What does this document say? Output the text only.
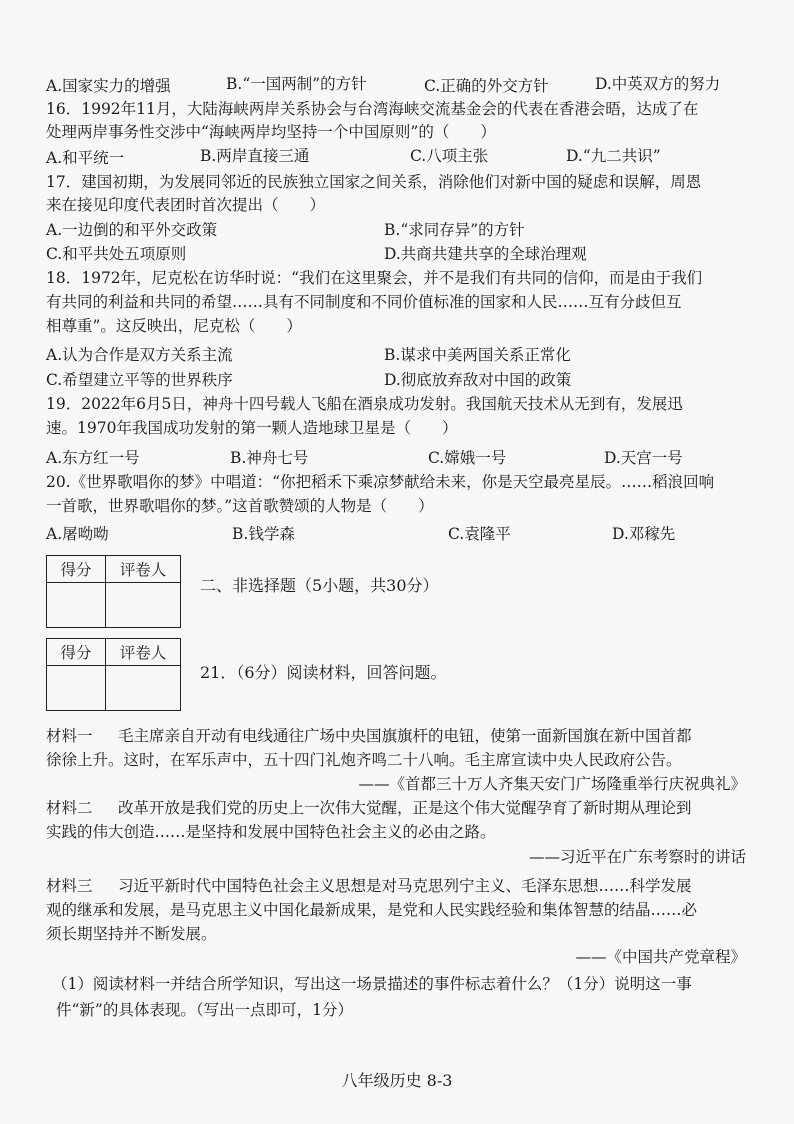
A.国家实力的增强	B.“一国两制”的方针	C.正确的外交方针	D.中英双方的努力
16．1992年11月，大陆海峡两岸关系协会与台湾海峡交流基金会的代表在香港会晤，达成了在
处理两岸事务性交涉中“海峡两岸均坚持一个中国原则”的（　　）
A.和平统一	B.两岸直接三通	C.八项主张	D.“九二共识”
17．建国初期，为发展同邻近的民族独立国家之间关系，消除他们对新中国的疑虑和误解，周恩
来在接见印度代表团时首次提出（　　）
A.一边倒的和平外交政策	B.“求同存异”的方针
C.和平共处五项原则	D.共商共建共享的全球治理观
18．1972年，尼克松在访华时说：“我们在这里聚会，并不是我们有共同的信仰，而是由于我们
有共同的利益和共同的希望……具有不同制度和不同价值标准的国家和人民……互有分歧但互
相尊重”。这反映出，尼克松（　　）
A.认为合作是双方关系主流	B.谋求中美两国关系正常化
C.希望建立平等的世界秩序	D.彻底放弃敌对中国的政策
19．2022年6月5日，神舟十四号载人飞船在酒泉成功发射。我国航天技术从无到有，发展迅
速。1970年我国成功发射的第一颗人造地球卫星是（　　）
A.东方红一号	B.神舟七号	C.嫦娥一号	D.天宫一号
20.《世界歌唱你的梦》中唱道：“你把稻禾下乘凉梦献给未来，你是天空最亮星辰。……稻浪回响
一首歌，世界歌唱你的梦。”这首歌赞颂的人物是（　　）
A.屠呦呦	B.钱学森	C.袁隆平	D.邓稼先
得分	评卷人

二、非选择题（5小题，共30分）
得分	评卷人

21．（6分）阅读材料，回答问题。
材料一 毛主席亲自开动有电线通往广场中央国旗旗杆的电钮，使第一面新国旗在新中国首都
徐徐上升。这时，在军乐声中，五十四门礼炮齐鸣二十八响。毛主席宣读中央人民政府公告。
——《首都三十万人齐集天安门广场隆重举行庆祝典礼》
材料二 改革开放是我们党的历史上一次伟大觉醒，正是这个伟大觉醒孕育了新时期从理论到
实践的伟大创造……是坚持和发展中国特色社会主义的必由之路。
——习近平在广东考察时的讲话
材料三 习近平新时代中国特色社会主义思想是对马克思列宁主义、毛泽东思想……科学发展
观的继承和发展，是马克思主义中国化最新成果，是党和人民实践经验和集体智慧的结晶……必
须长期坚持并不断发展。
——《中国共产党章程》
（1）阅读材料一并结合所学知识，写出这一场景描述的事件标志着什么？（1分）说明这一事
件“新”的具体表现。（写出一点即可，1分）
八年级历史 8-3
